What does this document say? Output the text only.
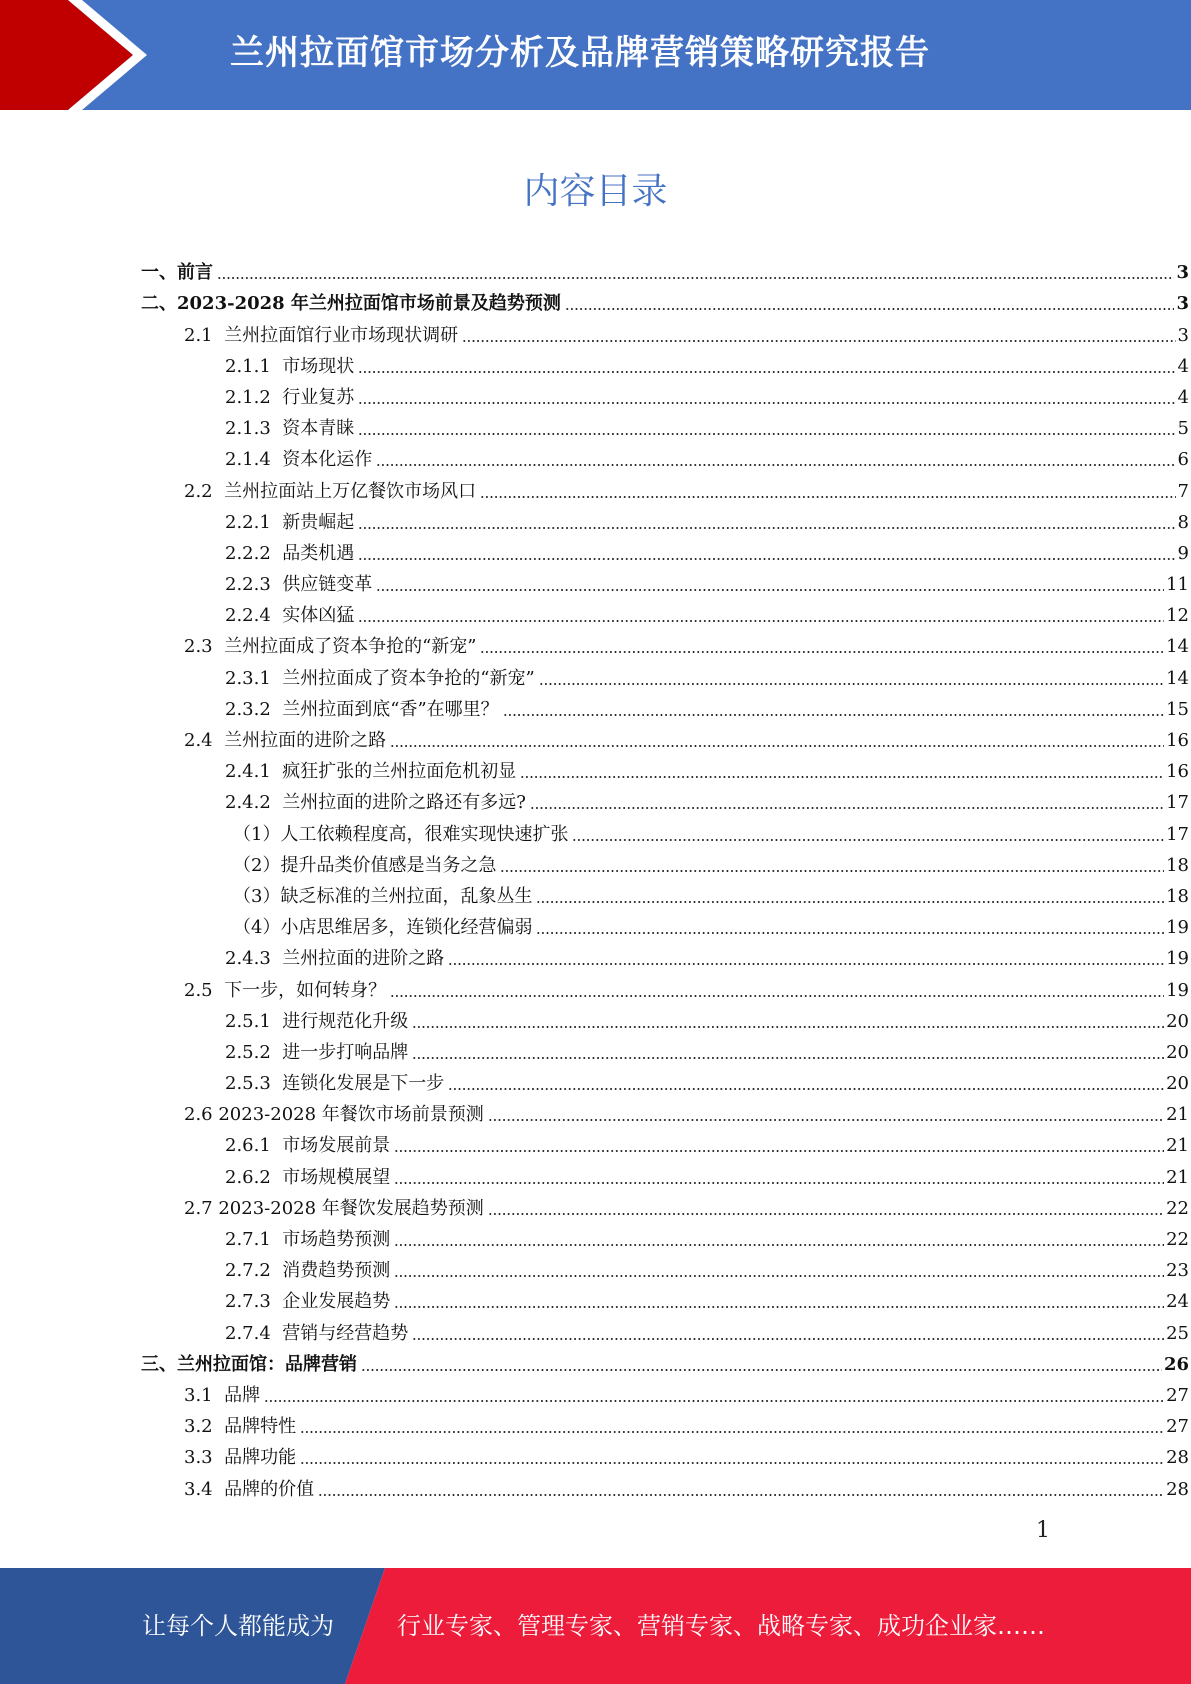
兰州拉面馆市场分析及品牌营销策略研究报告
内容目录
一、前言	3
二、2023-2028 年兰州拉面馆市场前景及趋势预测	3
2.1  兰州拉面馆行业市场现状调研	3
2.1.1  市场现状	4
2.1.2  行业复苏	4
2.1.3  资本青睐	5
2.1.4  资本化运作	6
2.2  兰州拉面站上万亿餐饮市场风口	7
2.2.1  新贵崛起	8
2.2.2  品类机遇	9
2.2.3  供应链变革	11
2.2.4  实体凶猛	12
2.3  兰州拉面成了资本争抢的“新宠”	14
2.3.1  兰州拉面成了资本争抢的“新宠”	14
2.3.2  兰州拉面到底“香”在哪里？	15
2.4  兰州拉面的进阶之路	16
2.4.1  疯狂扩张的兰州拉面危机初显	16
2.4.2  兰州拉面的进阶之路还有多远?	17
（1）人工依赖程度高，很难实现快速扩张	17
（2）提升品类价值感是当务之急	18
（3）缺乏标准的兰州拉面，乱象丛生	18
（4）小店思维居多，连锁化经营偏弱	19
2.4.3  兰州拉面的进阶之路	19
2.5  下一步，如何转身？	19
2.5.1  进行规范化升级	20
2.5.2  进一步打响品牌	20
2.5.3  连锁化发展是下一步	20
2.6 2023-2028 年餐饮市场前景预测	21
2.6.1  市场发展前景	21
2.6.2  市场规模展望	21
2.7 2023-2028 年餐饮发展趋势预测	22
2.7.1  市场趋势预测	22
2.7.2  消费趋势预测	23
2.7.3  企业发展趋势	24
2.7.4  营销与经营趋势	25
三、兰州拉面馆：品牌营销	26
3.1  品牌	27
3.2  品牌特性	27
3.3  品牌功能	28
3.4  品牌的价值	28
1
让每个人都能成为	行业专家、管理专家、营销专家、战略专家、成功企业家……
